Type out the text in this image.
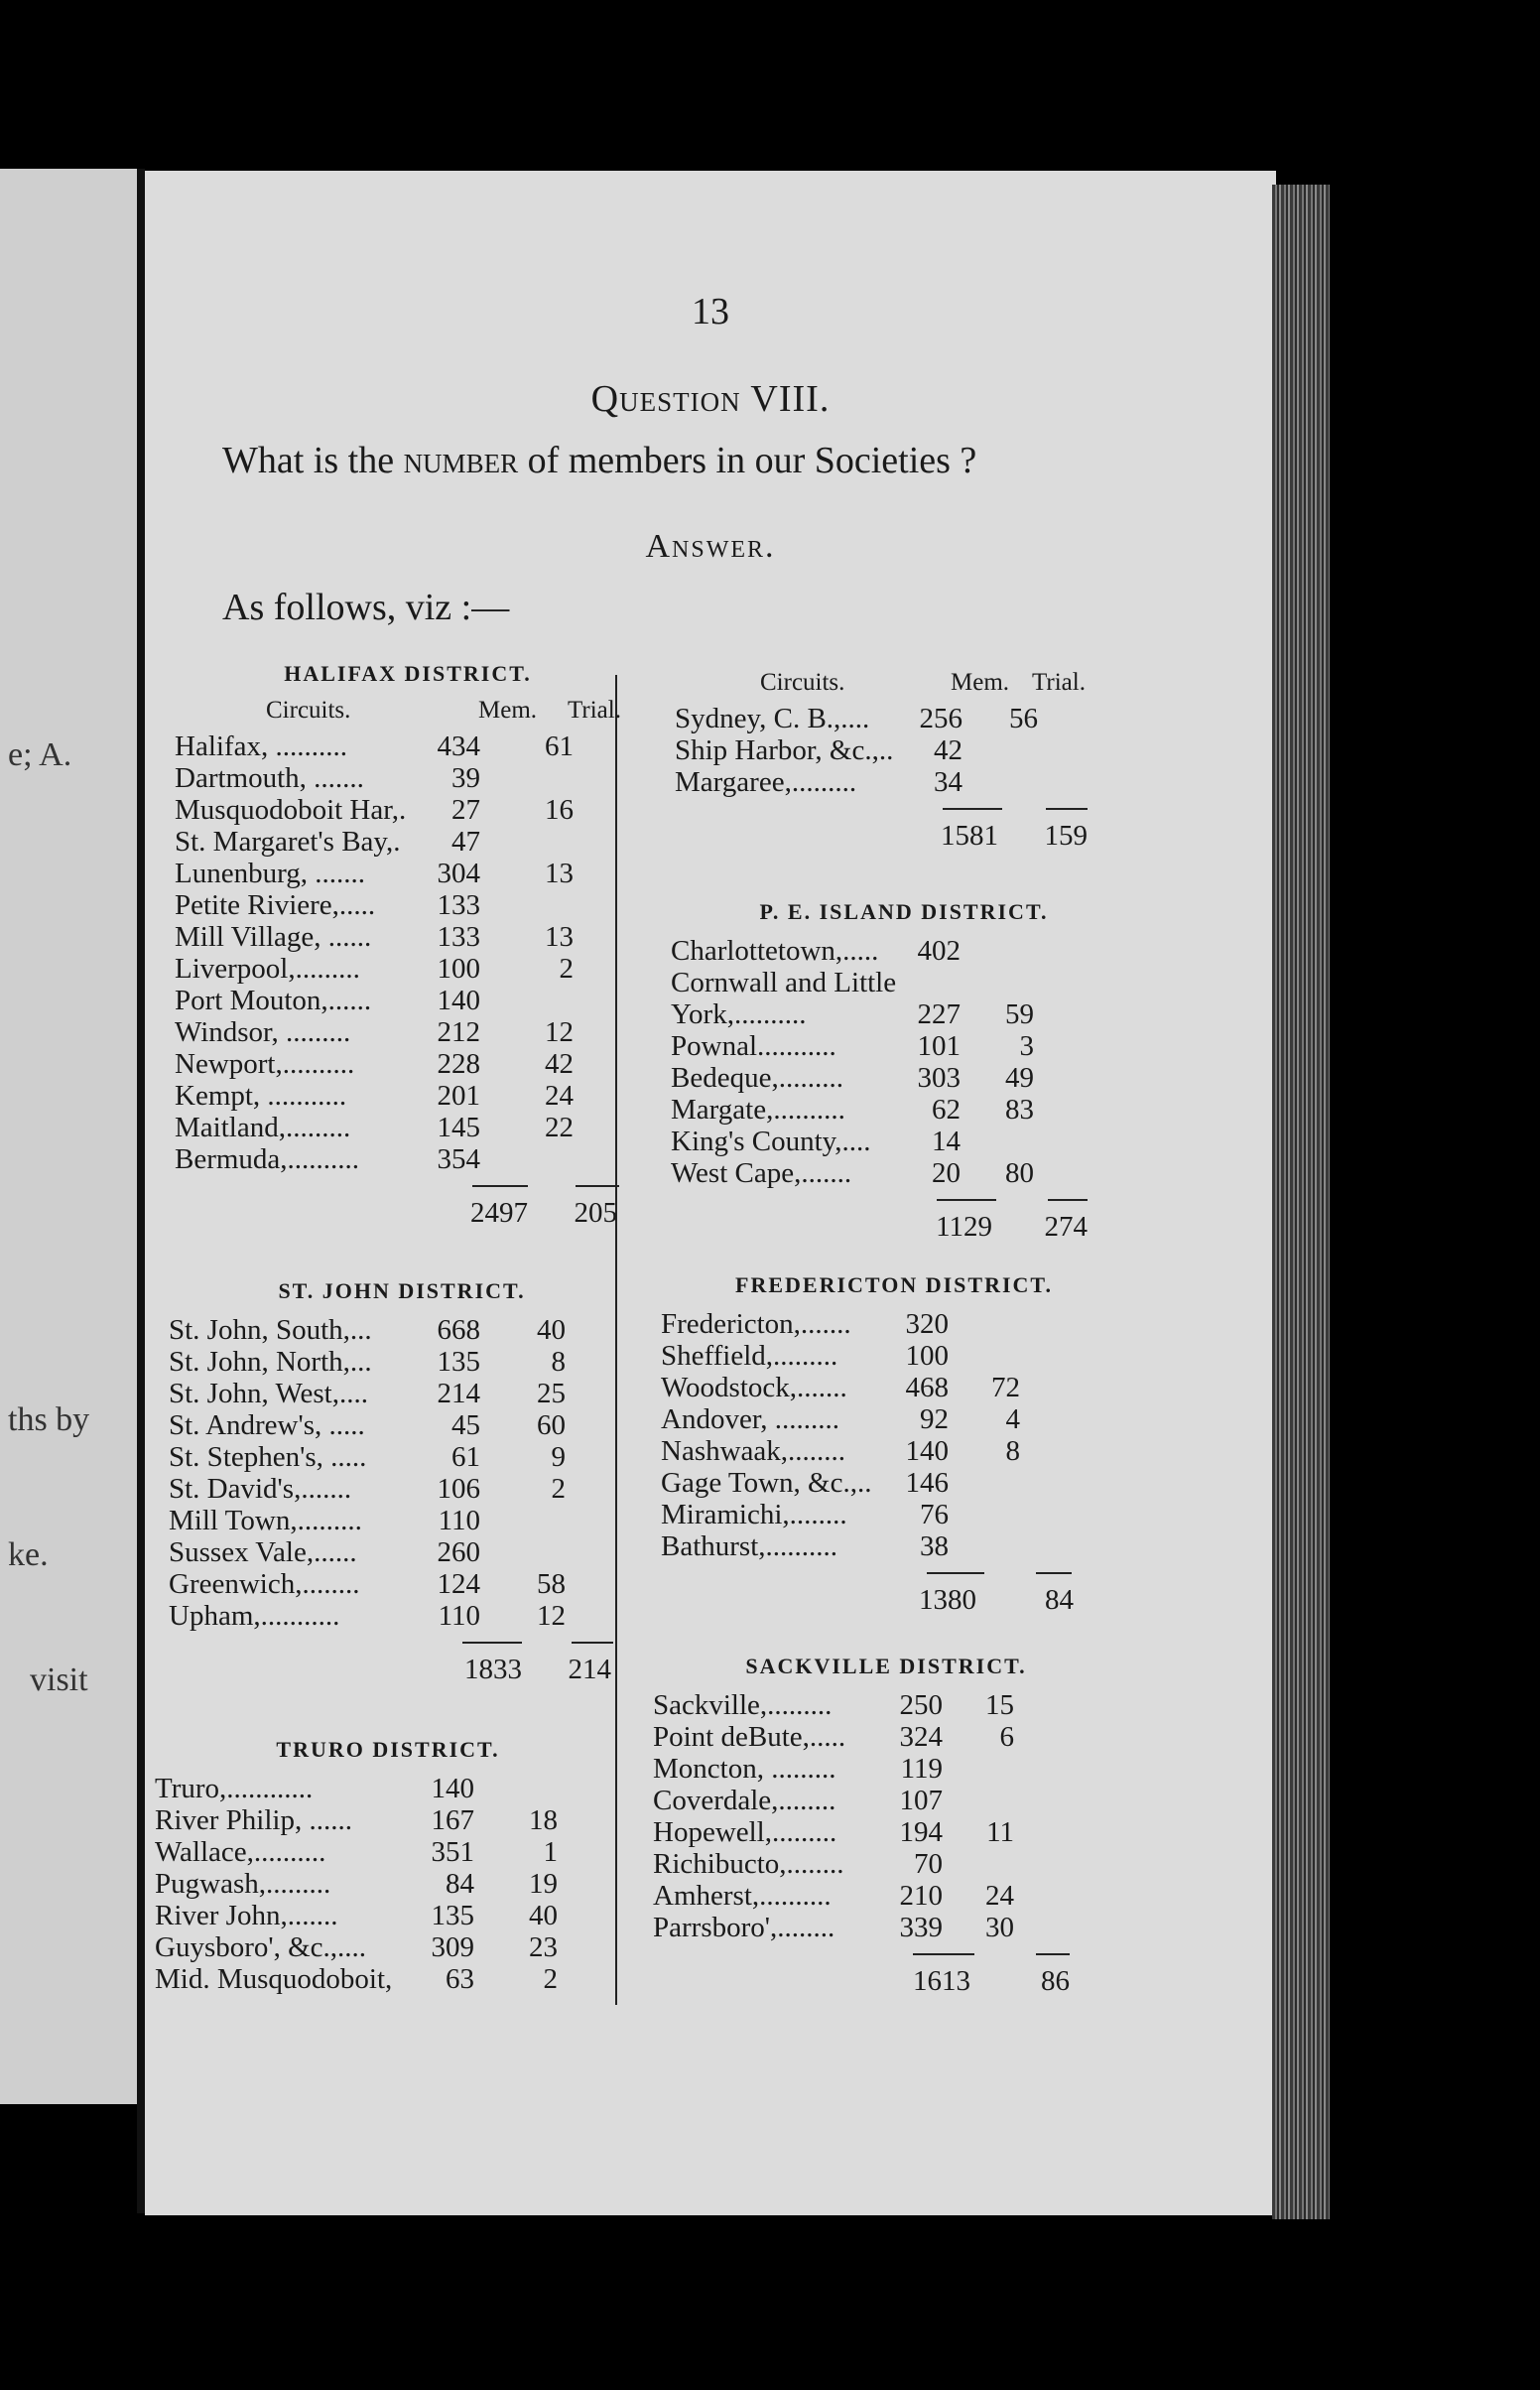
e; A.
ths by
ke.
visit
13
Question VIII.
What is the number of members in our Societies ?
Answer.
As follows, viz :—
HALIFAX DISTRICT.
Circuits.	Mem. Trial.
Halifax, ..........	434	61
Dartmouth, .......	39
Musquodoboit Har,.	27	16
St. Margaret's Bay,.	47
Lunenburg, .......	304	13
Petite Riviere,.....	133
Mill Village, ......	133	13
Liverpool,.........	100	2
Port Mouton,......	140
Windsor, .........	212	12
Newport,..........	228	42
Kempt, ...........	201	24
Maitland,.........	145	22
Bermuda,..........	354
2497	205
ST. JOHN DISTRICT.
St. John, South,...	668	40
St. John, North,...	135	8
St. John, West,....	214	25
St. Andrew's, .....	45	60
St. Stephen's, .....	61	9
St. David's,.......	106	2
Mill Town,.........	110
Sussex Vale,......	260
Greenwich,........	124	58
Upham,...........	110	12
1833	214
TRURO DISTRICT.
Truro,............	140
River Philip, ......	167	18
Wallace,..........	351	1
Pugwash,.........	84	19
River John,.......	135	40
Guysboro', &c.,....	309	23
Mid. Musquodoboit,	63	2
Circuits.	Mem. Trial.
Sydney, C. B.,....	256	56
Ship Harbor, &c.,..	42
Margaree,.........	34
1581	159
P. E. ISLAND DISTRICT.
Charlottetown,.....	402
Cornwall and Little
York,..........	227	59
Pownal...........	101	3
Bedeque,.........	303	49
Margate,..........	62	83
King's County,....	14
West Cape,.......	20	80
1129	274
FREDERICTON DISTRICT.
Fredericton,.......	320
Sheffield,.........	100
Woodstock,.......	468	72
Andover, .........	92	4
Nashwaak,........	140	8
Gage Town, &c.,..	146
Miramichi,........	76
Bathurst,..........	38
1380	84
SACKVILLE DISTRICT.
Sackville,.........	250	15
Point deBute,.....	324	6
Moncton, .........	119
Coverdale,........	107
Hopewell,.........	194	11
Richibucto,........	70
Amherst,..........	210	24
Parrsboro',........	339	30
1613	86
